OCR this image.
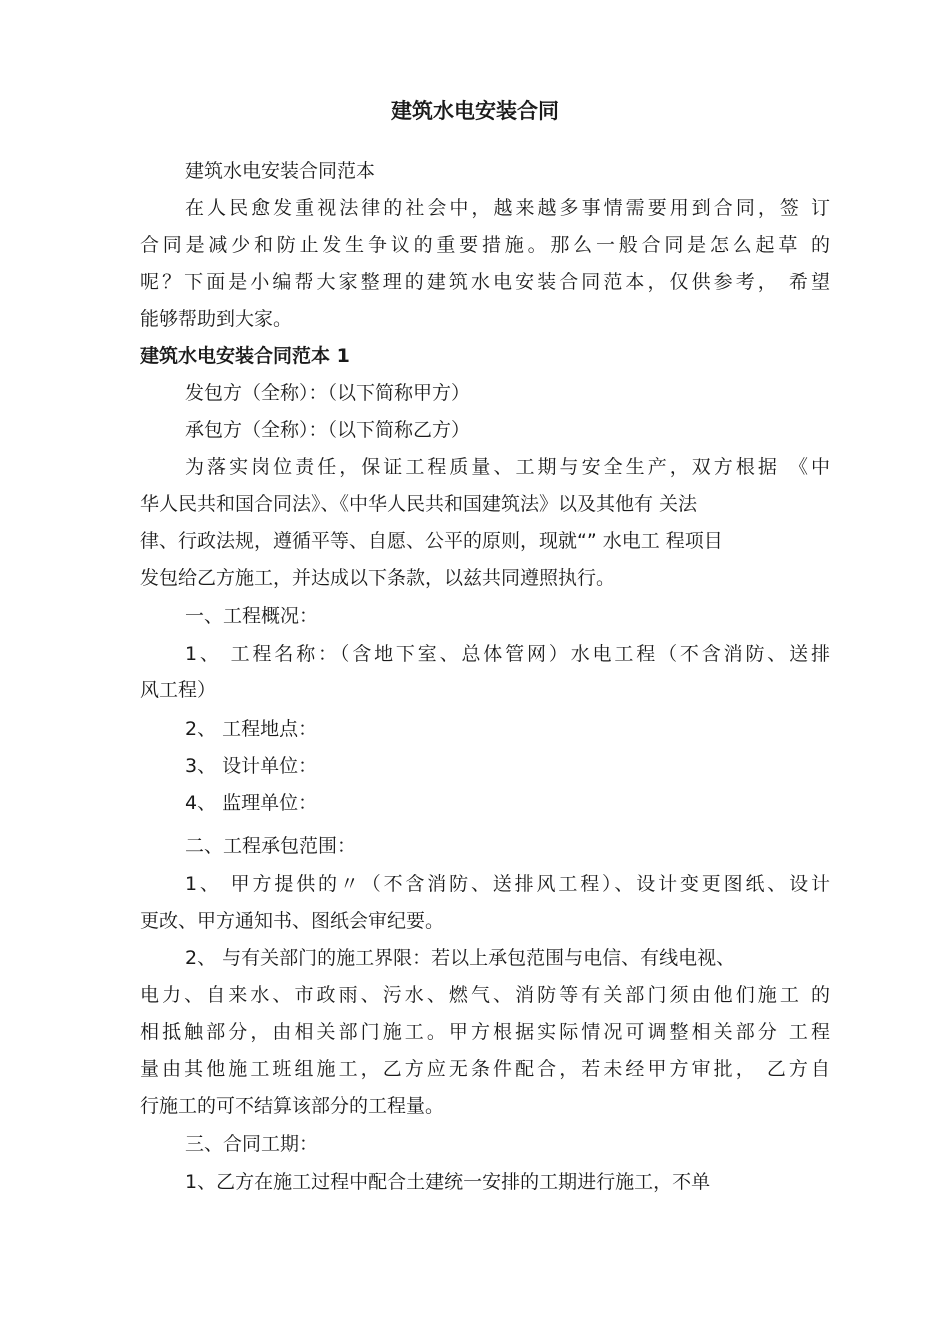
建筑水电安装合同

建筑水电安装合同范本

在人民愈发重视法律的社会中，越来越多事情需要用到合同，签 订

合同是减少和防止发生争议的重要措施。那么一般合同是怎么起草 的

呢？下面是小编帮大家整理的建筑水电安装合同范本，仅供参考， 希望

能够帮助到大家。

建筑水电安装合同范本 1

发包方（全称）：（以下简称甲方）

承包方（全称）：（以下简称乙方）

为落实岗位责任，保证工程质量、工期与安全生产，双方根据 《中

华人民共和国合同法》、《中华人民共和国建筑法》以及其他有 关法

律、行政法规，遵循平等、自愿、公平的原则，现就“” 水电工 程项目

发包给乙方施工，并达成以下条款，以兹共同遵照执行。

一、工程概况：

1、 工程名称：（含地下室、总体管网）水电工程（不含消防、送排

风工程）

2、 工程地点：

3、 设计单位：

4、 监理单位：

二、工程承包范围：

1、 甲方提供的〃（不含消防、送排风工程）、设计变更图纸、设计

更改、甲方通知书、图纸会审纪要。

2、 与有关部门的施工界限：若以上承包范围与电信、有线电视、

电力、自来水、市政雨、污水、燃气、消防等有关部门须由他们施工 的

相抵触部分，由相关部门施工。甲方根据实际情况可调整相关部分 工程

量由其他施工班组施工，乙方应无条件配合，若未经甲方审批， 乙方自

行施工的可不结算该部分的工程量。

三、合同工期：

1、乙方在施工过程中配合土建统一安排的工期进行施工，不单
